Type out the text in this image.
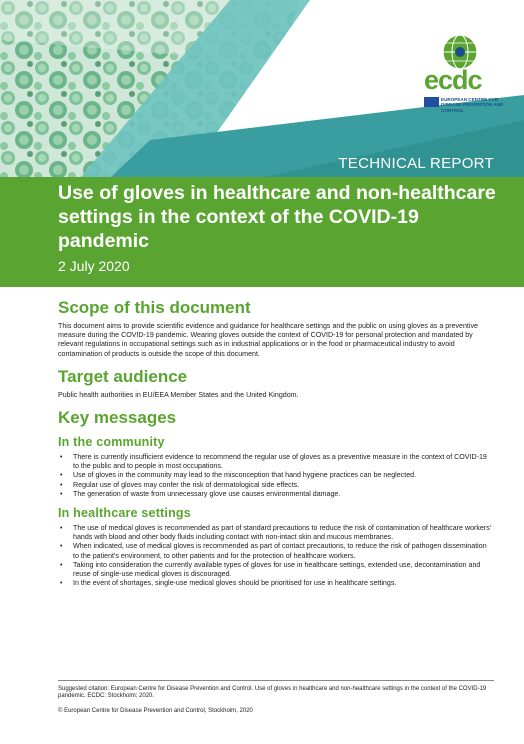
ecdc
EUROPEAN CENTRE FOR DISEASE PREVENTION AND CONTROL
TECHNICAL REPORT
Use of gloves in healthcare and non-healthcare settings in the context of the COVID-19 pandemic
2 July 2020
Scope of this document

This document aims to provide scientific evidence and guidance for healthcare settings and the public on using gloves as a preventive measure during the COVID-19 pandemic. Wearing gloves outside the context of COVID-19 for personal protection and mandated by relevant regulations in occupational settings such as in industrial applications or in the food or pharmaceutical industry to avoid contamination of products is outside the scope of this document.

Target audience

Public health authorities in EU/EEA Member States and the United Kingdom.

Key messages
In the community
• There is currently insufficient evidence to recommend the regular use of gloves as a preventive measure in the context of COVID-19 to the public and to people in most occupations.
• Use of gloves in the community may lead to the misconception that hand hygiene practices can be neglected.
• Regular use of gloves may confer the risk of dermatological side effects.
• The generation of waste from unnecessary glove use causes environmental damage.
In healthcare settings
• The use of medical gloves is recommended as part of standard precautions to reduce the risk of contamination of healthcare workers' hands with blood and other body fluids including contact with non-intact skin and mucous membranes.
• When indicated, use of medical gloves is recommended as part of contact precautions, to reduce the risk of pathogen dissemination to the patient's environment, to other patients and for the protection of healthcare workers.
• Taking into consideration the currently available types of gloves for use in healthcare settings, extended use, decontamination and reuse of single-use medical gloves is discouraged.
• In the event of shortages, single-use medical gloves should be prioritised for use in healthcare settings.
Suggested citation: European Centre for Disease Prevention and Control. Use of gloves in healthcare and non-healthcare settings in the context of the COVID-19 pandemic. ECDC: Stockholm; 2020.
© European Centre for Disease Prevention and Control, Stockholm, 2020
